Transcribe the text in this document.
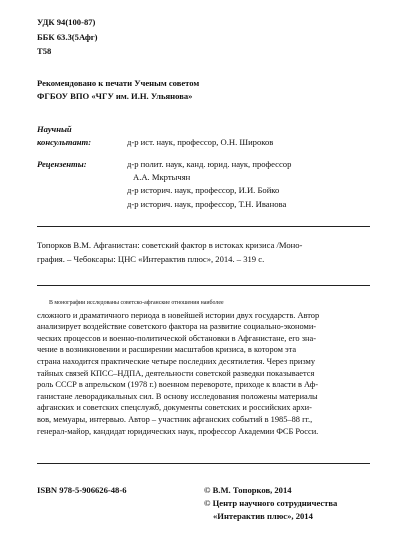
УДК 94(100-87)
ББК 63.3(5Афг)
Т58
Рекомендовано к печати Ученым советом
ФГБОУ ВПО «ЧГУ им. И.Н. Ульянова»
Научный
консультант:	д-р ист. наук, профессор, О.Н. Широков
Рецензенты:	д-р полит. наук, канд. юрид. наук, профессор
А.А. Мкртычян
д-р историч. наук, профессор, И.И. Бойко
д-р историч. наук, профессор, Т.Н. Иванова
Топорков В.М. Афганистан: советский фактор в истоках кризиса /Моно-
графия. – Чебоксары: ЦНС «Интерактив плюс», 2014. – 319 с.
В монографии исследованы советско-афганские отношения наиболее
сложного и драматичного периода в новейшей истории двух государств. Автор
анализирует воздействие советского фактора на развитие социально-экономи-
ческих процессов и военно-политической обстановки в Афганистане, его зна-
чение в возникновении и расширении масштабов кризиса, в котором эта
страна находится практические четыре последних десятилетия. Через призму
тайных связей КПСС–НДПА, деятельности советской разведки показывается
роль СССР в апрельском (1978 г.) военном перевороте, приходе к власти в Аф-
ганистане леворадикальных сил. В основу исследования положены материалы
афганских и советских спецслужб, документы советских и российских архи-
вов, мемуары, интервью. Автор – участник афганских событий в 1985–88 гг.,
генерал-майор, кандидат юридических наук, профессор Академии ФСБ Росси.
ISBN 978-5-906626-48-6	© В.М. Топорков, 2014
© Центр научного сотрудничества
«Интерактив плюс», 2014
